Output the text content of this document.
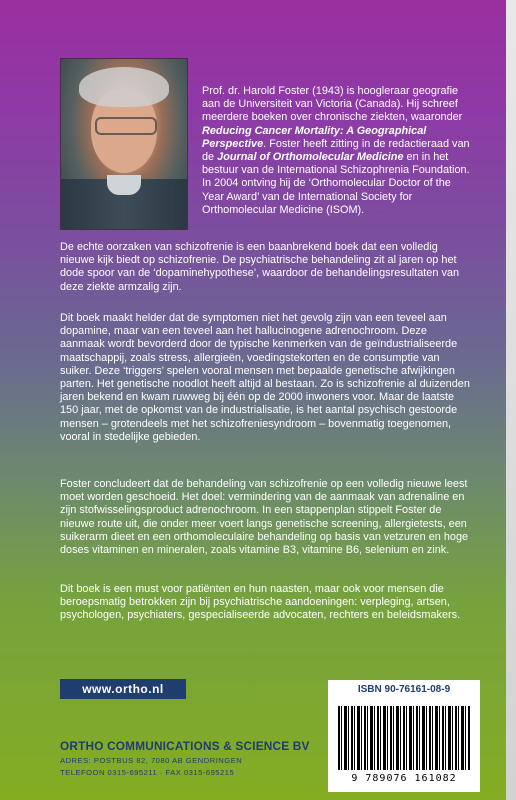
Prof. dr. Harold Foster (1943) is hoogleraar geografie aan de Universiteit van Victoria (Canada). Hij schreef meerdere boeken over chronische ziekten, waaronder Reducing Cancer Mortality: A Geographical Perspective. Foster heeft zitting in de redactieraad van de Journal of Orthomolecular Medicine en in het bestuur van de International Schizophrenia Foundation. In 2004 ontving hij de ‘Orthomolecular Doctor of the Year Award’ van de International Society for Orthomolecular Medicine (ISOM).
De echte oorzaken van schizofrenie is een baanbrekend boek dat een volledig nieuwe kijk biedt op schizofrenie. De psychiatrische behandeling zit al jaren op het dode spoor van de ‘dopaminehypothese’, waardoor de behandelingsresultaten van deze ziekte armzalig zijn.
Dit boek maakt helder dat de symptomen niet het gevolg zijn van een teveel aan dopamine, maar van een teveel aan het hallucinogene adrenochroom. Deze aanmaak wordt bevorderd door de typische kenmerken van de geïndustrialiseerde maatschappij, zoals stress, allergieën, voedingstekorten en de consumptie van suiker. Deze ‘triggers’ spelen vooral mensen met bepaalde genetische afwijkingen parten. Het genetische noodlot heeft altijd al bestaan. Zo is schizofrenie al duizenden jaren bekend en kwam ruwweg bij één op de 2000 inwoners voor. Maar de laatste 150 jaar, met de opkomst van de industrialisatie, is het aantal psychisch gestoorde mensen – grotendeels met het schizofreniesyndroom – bovenmatig toegenomen, vooral in stedelijke gebieden.
Foster concludeert dat de behandeling van schizofrenie op een volledig nieuwe leest moet worden geschoeid. Het doel: vermindering van de aanmaak van adrenaline en zijn stofwisselingsproduct adrenochroom. In een stappenplan stippelt Foster de nieuwe route uit, die onder meer voert langs genetische screening, allergietests, een suikerarm dieet en een orthomoleculaire behandeling op basis van vetzuren en hoge doses vitaminen en mineralen, zoals vitamine B3, vitamine B6, selenium en zink.
Dit boek is een must voor patiënten en hun naasten, maar ook voor mensen die beroepsmatig betrokken zijn bij psychiatrische aandoeningen: verpleging, artsen, psychologen, psychiaters, gespecialiseerde advocaten, rechters en beleidsmakers.
www.ortho.nl	ISBN 90-76161-08-9
9 789076 161082
ORTHO COMMUNICATIONS & SCIENCE BV
ADRES: POSTBUS 82, 7080 AB GENDRINGEN
TELEFOON 0315-695211 · FAX 0315-695215
